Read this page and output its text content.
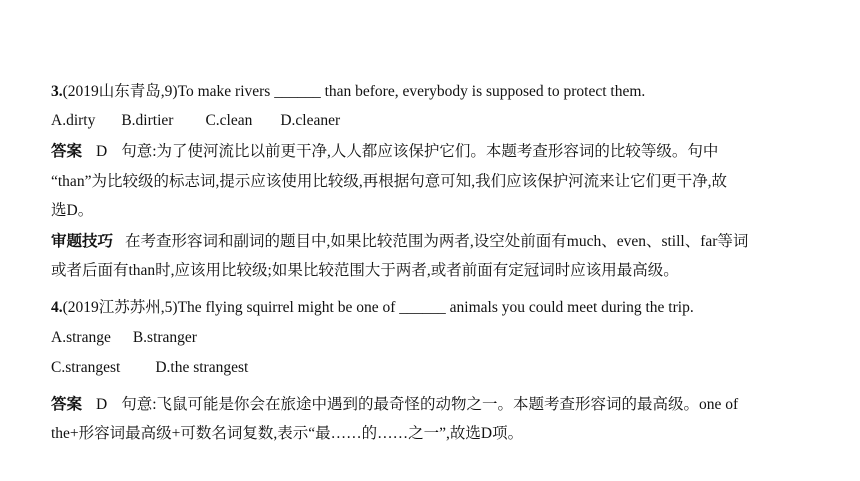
3.(2019山东青岛,9)To make rivers ______ than before, everybody is supposed to protect them.
A.dirty B.dirtier C.clean D.cleaner
答案 D 句意:为了使河流比以前更干净,人人都应该保护它们。本题考查形容词的比较等级。句中
“than”为比较级的标志词,提示应该使用比较级,再根据句意可知,我们应该保护河流来让它们更干净,故
选D。
审题技巧 在考查形容词和副词的题目中,如果比较范围为两者,设空处前面有much、even、still、far等词
或者后面有than时,应该用比较级;如果比较范围大于两者,或者前面有定冠词时应该用最高级。
4.(2019江苏苏州,5)The flying squirrel might be one of ______ animals you could meet during the trip.
A.strange B.stranger
C.strangest D.the strangest
答案 D 句意:飞鼠可能是你会在旅途中遇到的最奇怪的动物之一。本题考查形容词的最高级。one of
the+形容词最高级+可数名词复数,表示“最……的……之一”,故选D项。
